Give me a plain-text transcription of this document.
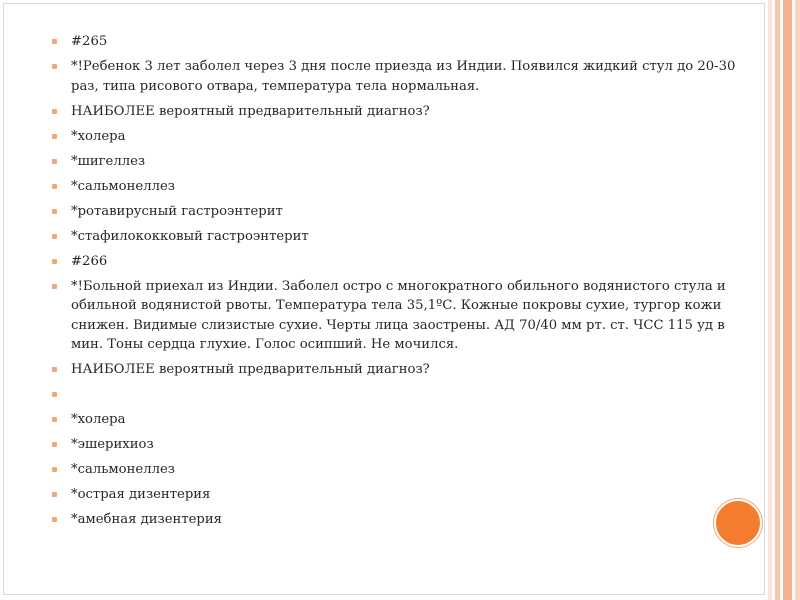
#265
*!Ребенок 3 лет заболел через 3 дня после приезда из Индии. Появился жидкий стул до 20-30 раз, типа рисового отвара, температура тела нормальная.
НАИБОЛЕЕ вероятный предварительный диагноз?
*холера
*шигеллез
*сальмонеллез
*ротавирусный гастроэнтерит
*стафилококковый гастроэнтерит
#266
*!Больной приехал из Индии. Заболел остро с многократного обильного водянистого стула и обильной водянистой рвоты. Температура тела 35,1ºС. Кожные покровы сухие, тургор кожи снижен. Видимые слизистые сухие. Черты лица заострены. АД 70/40 мм рт. ст. ЧСС 115 уд в мин. Тоны сердца глухие. Голос осипший. Не мочился.
НАИБОЛЕЕ вероятный предварительный диагноз?
*холера
*эшерихиоз
*сальмонеллез
*острая дизентерия
*амебная дизентерия
